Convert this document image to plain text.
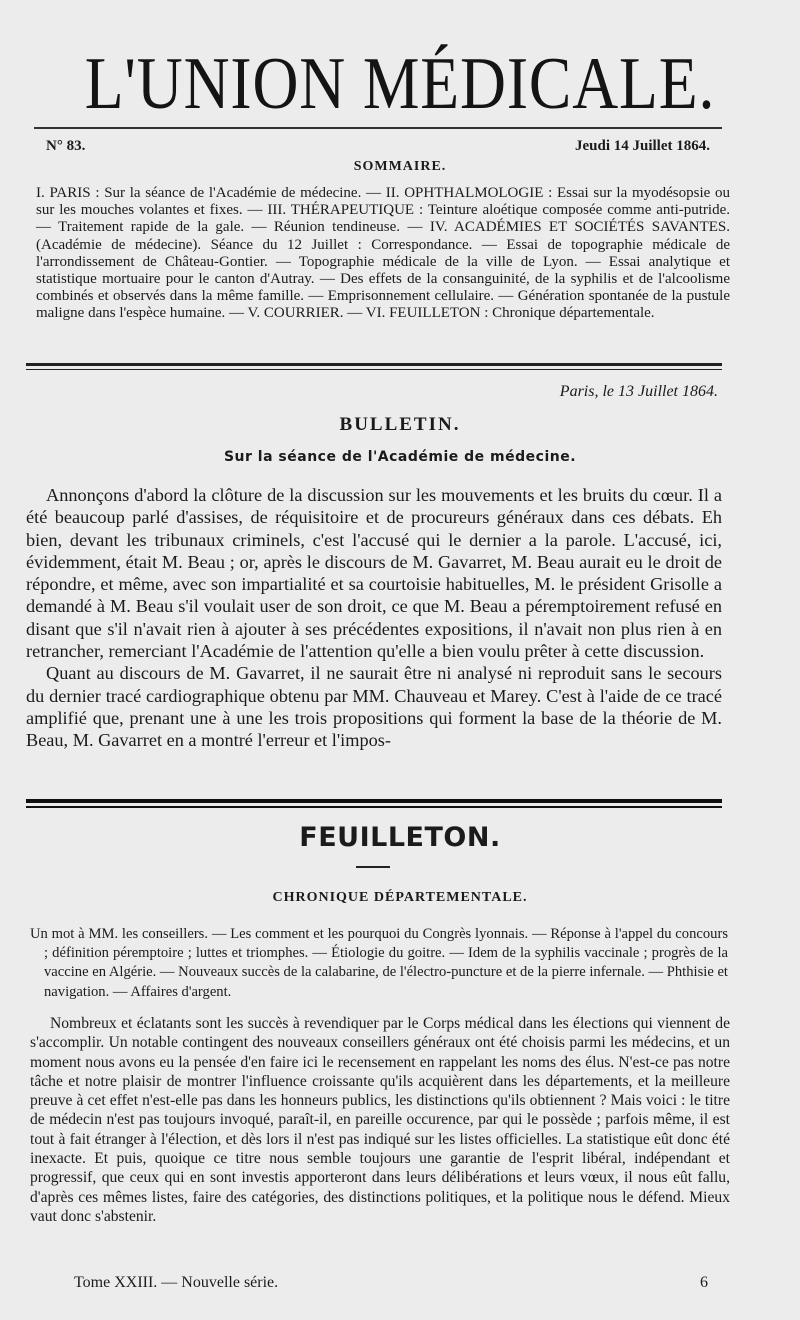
L'UNION MÉDICALE.
N° 83.	Jeudi 14 Juillet 1864.
SOMMAIRE.
I. PARIS : Sur la séance de l'Académie de médecine. — II. OPHTHALMOLOGIE : Essai sur la myodésopsie ou sur les mouches volantes et fixes. — III. THÉRAPEUTIQUE : Teinture aloétique composée comme anti-putride. — Traitement rapide de la gale. — Réunion tendineuse. — IV. ACADÉMIES ET SOCIÉTÉS SAVANTES. (Académie de médecine). Séance du 12 Juillet : Correspondance. — Essai de topographie médicale de l'arrondissement de Château-Gontier. — Topographie médicale de la ville de Lyon. — Essai analytique et statistique mortuaire pour le canton d'Autray. — Des effets de la consanguinité, de la syphilis et de l'alcoolisme combinés et observés dans la même famille. — Emprisonnement cellulaire. — Génération spontanée de la pustule maligne dans l'espèce humaine. — V. COURRIER. — VI. FEUILLETON : Chronique départementale.
Paris, le 13 Juillet 1864.
BULLETIN.
Sur la séance de l'Académie de médecine.

Annonçons d'abord la clôture de la discussion sur les mouvements et les bruits du cœur. Il a été beaucoup parlé d'assises, de réquisitoire et de procureurs généraux dans ces débats. Eh bien, devant les tribunaux criminels, c'est l'accusé qui le dernier a la parole. L'accusé, ici, évidemment, était M. Beau ; or, après le discours de M. Gavarret, M. Beau aurait eu le droit de répondre, et même, avec son impartialité et sa courtoisie habituelles, M. le président Grisolle a demandé à M. Beau s'il voulait user de son droit, ce que M. Beau a péremptoirement refusé en disant que s'il n'avait rien à ajouter à ses précédentes expositions, il n'avait non plus rien à en retrancher, remerciant l'Académie de l'attention qu'elle a bien voulu prêter à cette discussion.

Quant au discours de M. Gavarret, il ne saurait être ni analysé ni reproduit sans le secours du dernier tracé cardiographique obtenu par MM. Chauveau et Marey. C'est à l'aide de ce tracé amplifié que, prenant une à une les trois propositions qui forment la base de la théorie de M. Beau, M. Gavarret en a montré l'erreur et l'impos-

FEUILLETON.
CHRONIQUE DÉPARTEMENTALE.

Un mot à MM. les conseillers. — Les comment et les pourquoi du Congrès lyonnais. — Réponse à l'appel du concours ; définition péremptoire ; luttes et triomphes. — Étiologie du goitre. — Idem de la syphilis vaccinale ; progrès de la vaccine en Algérie. — Nouveaux succès de la calabarine, de l'électro-puncture et de la pierre infernale. — Phthisie et navigation. — Affaires d'argent.

Nombreux et éclatants sont les succès à revendiquer par le Corps médical dans les élections qui viennent de s'accomplir. Un notable contingent des nouveaux conseillers généraux ont été choisis parmi les médecins, et un moment nous avons eu la pensée d'en faire ici le recensement en rappelant les noms des élus. N'est-ce pas notre tâche et notre plaisir de montrer l'influence croissante qu'ils acquièrent dans les départements, et la meilleure preuve à cet effet n'est-elle pas dans les honneurs publics, les distinctions qu'ils obtiennent ? Mais voici : le titre de médecin n'est pas toujours invoqué, paraît-il, en pareille occurence, par qui le possède ; parfois même, il est tout à fait étranger à l'élection, et dès lors il n'est pas indiqué sur les listes officielles. La statistique eût donc été inexacte. Et puis, quoique ce titre nous semble toujours une garantie de l'esprit libéral, indépendant et progressif, que ceux qui en sont investis apporteront dans leurs délibérations et leurs vœux, il nous eût fallu, d'après ces mêmes listes, faire des catégories, des distinctions politiques, et la politique nous le défend. Mieux vaut donc s'abstenir.

Tome XXIII. — Nouvelle série.	6
